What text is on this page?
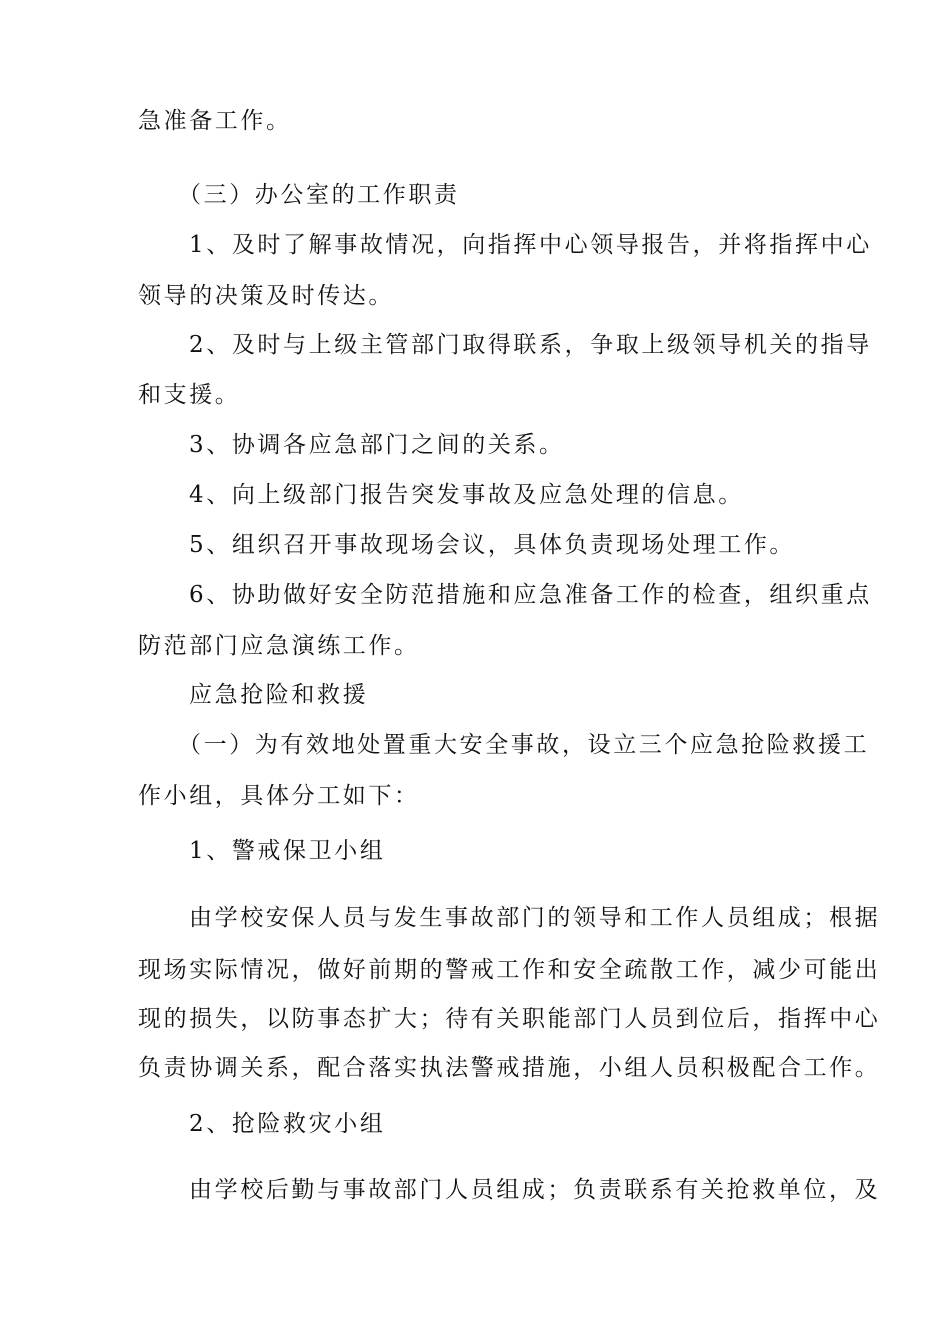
急准备工作。
（三）办公室的工作职责
1、及时了解事故情况，向指挥中心领导报告，并将指挥中心
领导的决策及时传达。
2、及时与上级主管部门取得联系，争取上级领导机关的指导
和支援。
3、协调各应急部门之间的关系。
4、向上级部门报告突发事故及应急处理的信息。
5、组织召开事故现场会议，具体负责现场处理工作。
6、协助做好安全防范措施和应急准备工作的检查，组织重点
防范部门应急演练工作。
应急抢险和救援
（一）为有效地处置重大安全事故，设立三个应急抢险救援工
作小组，具体分工如下：
1、警戒保卫小组
由学校安保人员与发生事故部门的领导和工作人员组成；根据
现场实际情况，做好前期的警戒工作和安全疏散工作，减少可能出
现的损失，以防事态扩大；待有关职能部门人员到位后，指挥中心
负责协调关系，配合落实执法警戒措施，小组人员积极配合工作。
2、抢险救灾小组
由学校后勤与事故部门人员组成；负责联系有关抢救单位，及
